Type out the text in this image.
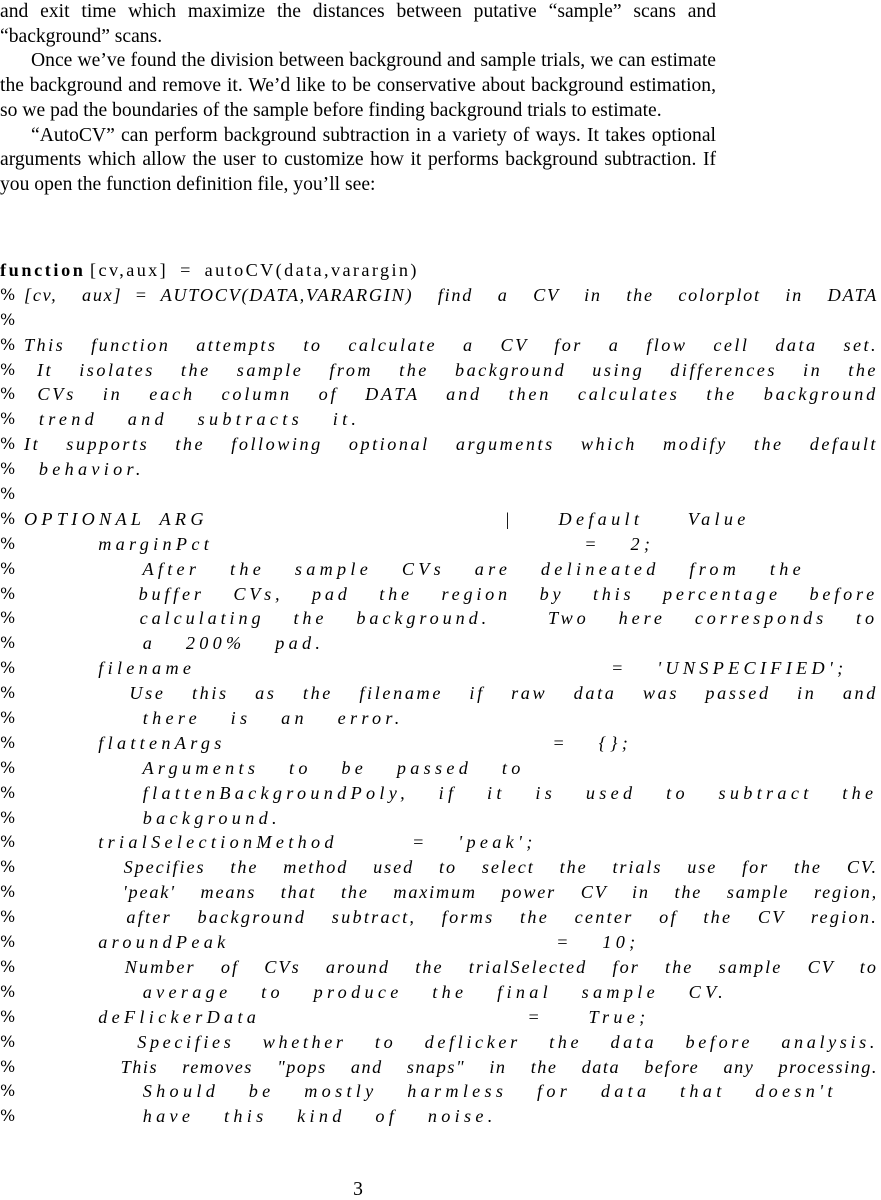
and exit time which maximize the distances between putative “sample” scans and “background” scans.

Once we’ve found the division between background and sample trials, we can estimate the background and remove it. We’d like to be conservative about background estimation, so we pad the boundaries of the sample before finding background trials to estimate.

“AutoCV” can perform background subtraction in a variety of ways. It takes optional arguments which allow the user to customize how it performs background subtraction. If you open the function definition file, you’ll see:

function [cv,aux] = autoCV(data,varargin)
% [cv,  aux] = AUTOCV(DATA,VARARGIN)  find  a  CV  in  the  colorplot  in  DATA
%
% This  function  attempts  to  calculate  a  CV  for  a  flow  cell  data  set.
% It  isolates  the  sample  from  the  background  using  differences  in  the
% CVs  in  each  column  of  DATA  and  then  calculates  the  background
% trend  and  subtracts  it.
% It  supports  the  following  optional  arguments  which  modify  the  default
% behavior.
%
% OPTIONAL ARG                    |   Default   Value
% marginPct                         =  2;
% After  the  sample  CVs  are  delineated  from  the
% buffer  CVs,  pad  the  region  by  this  percentage  before
% calculating  the  background.    Two  here  corresponds  to
% a  200%  pad.
% filename                            =  'UNSPECIFIED';
% Use  this  as  the  filename  if  raw  data  was  passed  in  and
% there  is  an  error.
% flattenArgs                      =  {};
% Arguments  to  be  passed  to
% flattenBackgroundPoly,  if  it  is  used  to  subtract  the
% background.
% trialSelectionMethod     =  'peak';
% Specifies  the  method  used  to  select  the  trials  use  for  the  CV.
% 'peak'  means  that  the  maximum  power  CV  in  the  sample  region,
% after  background  subtract,  forms  the  center  of  the  CV  region.
% aroundPeak                      =  10;
% Number  of  CVs  around  the  trialSelected  for  the  sample  CV  to
% average  to  produce  the  final  sample  CV.
% deFlickerData                  =   True;
% Specifies  whether  to  deflicker  the  data  before  analysis.
% This  removes  "pops  and  snaps"  in  the  data  before  any  processing.
% Should  be  mostly  harmless  for  data  that  doesn't
% have  this  kind  of  noise.
3
